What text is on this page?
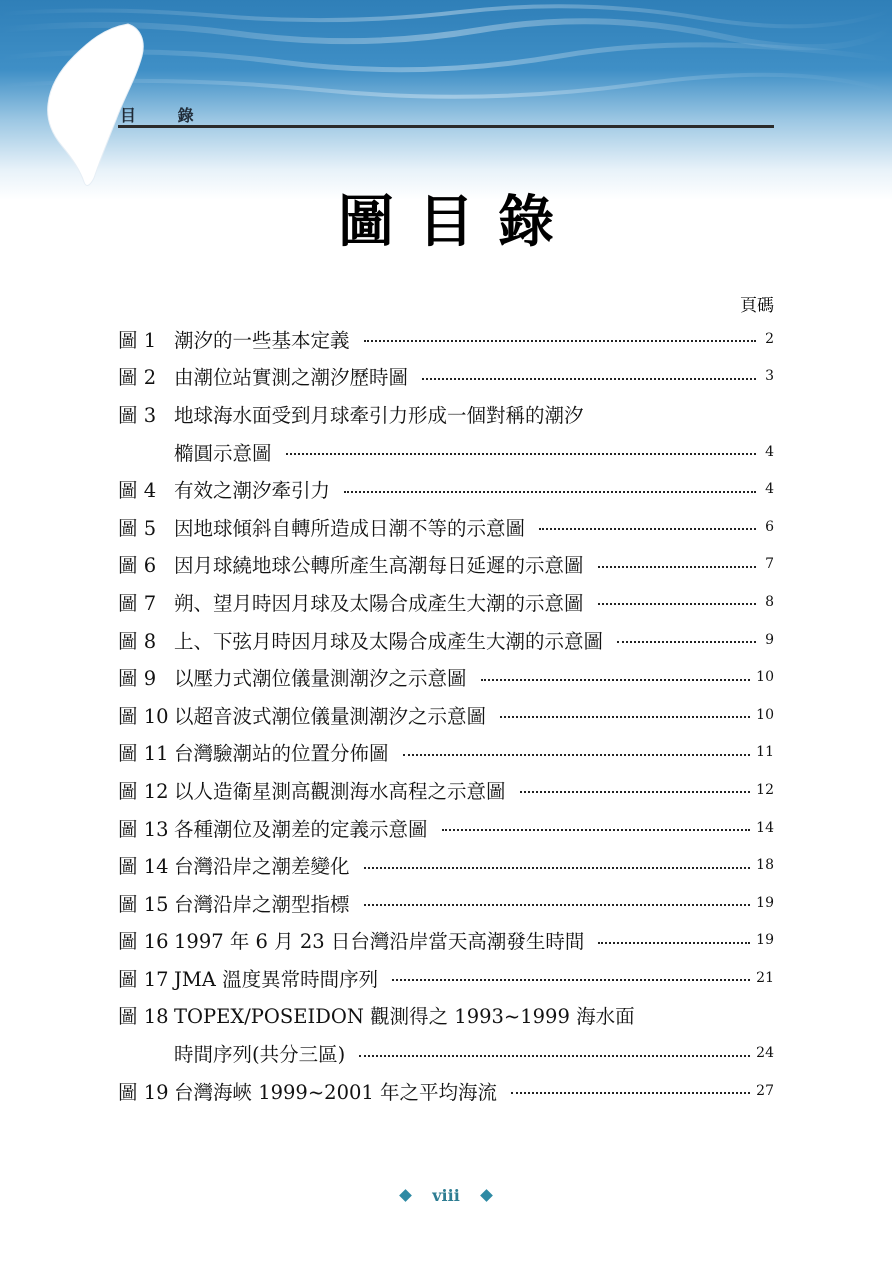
目 錄
圖目錄
頁碼
圖 1 潮汐的一些基本定義	2
圖 2 由潮位站實測之潮汐歷時圖	3
圖 3 地球海水面受到月球牽引力形成一個對稱的潮汐
橢圓示意圖	4
圖 4 有效之潮汐牽引力	4
圖 5 因地球傾斜自轉所造成日潮不等的示意圖	6
圖 6 因月球繞地球公轉所產生高潮每日延遲的示意圖	7
圖 7 朔、望月時因月球及太陽合成產生大潮的示意圖	8
圖 8 上、下弦月時因月球及太陽合成產生大潮的示意圖	9
圖 9 以壓力式潮位儀量測潮汐之示意圖	10
圖 10 以超音波式潮位儀量測潮汐之示意圖	10
圖 11 台灣驗潮站的位置分佈圖	11
圖 12 以人造衛星測高觀測海水高程之示意圖	12
圖 13 各種潮位及潮差的定義示意圖	14
圖 14 台灣沿岸之潮差變化	18
圖 15 台灣沿岸之潮型指標	19
圖 16 1997 年 6 月 23 日台灣沿岸當天高潮發生時間	19
圖 17 JMA 溫度異常時間序列	21
圖 18 TOPEX/POSEIDON 觀測得之 1993~1999 海水面
時間序列(共分三區)	24
圖 19 台灣海峽 1999~2001 年之平均海流	27
viii
